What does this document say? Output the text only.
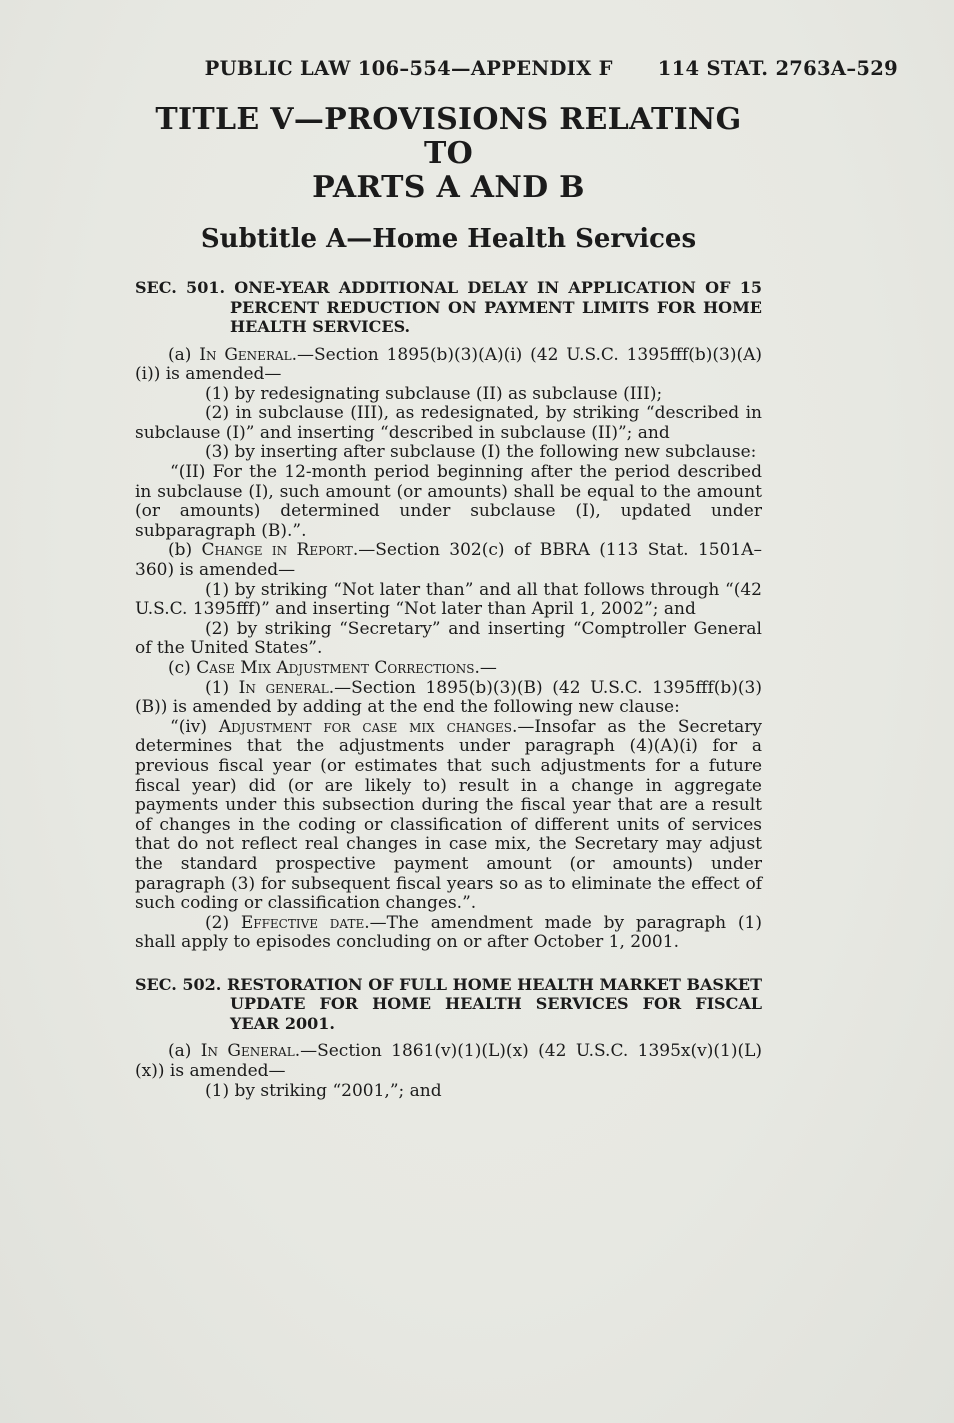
PUBLIC LAW 106–554—APPENDIX F 114 STAT. 2763A–529
TITLE V—PROVISIONS RELATING TO
PARTS A AND B
Subtitle A—Home Health Services
SEC. 501. ONE-YEAR ADDITIONAL DELAY IN APPLICATION OF 15 PERCENT REDUCTION ON PAYMENT LIMITS FOR HOME HEALTH SERVICES.

(a) In General.—Section 1895(b)(3)(A)(i) (42 U.S.C. 1395fff(b)(3)(A)(i)) is amended—

(1) by redesignating subclause (II) as subclause (III);

(2) in subclause (III), as redesignated, by striking “described in subclause (I)” and inserting “described in subclause (II)”; and

(3) by inserting after subclause (I) the following new subclause:

“(II) For the 12-month period beginning after the period described in subclause (I), such amount (or amounts) shall be equal to the amount (or amounts) determined under subclause (I), updated under subparagraph (B).”.

(b) Change in Report.—Section 302(c) of BBRA (113 Stat. 1501A–360) is amended—

(1) by striking “Not later than” and all that follows through “(42 U.S.C. 1395fff)” and inserting “Not later than April 1, 2002”; and

(2) by striking “Secretary” and inserting “Comptroller General of the United States”.

(c) Case Mix Adjustment Corrections.—

(1) In general.—Section 1895(b)(3)(B) (42 U.S.C. 1395fff(b)(3)(B)) is amended by adding at the end the following new clause:

“(iv) Adjustment for case mix changes.—Insofar as the Secretary determines that the adjustments under paragraph (4)(A)(i) for a previous fiscal year (or estimates that such adjustments for a future fiscal year) did (or are likely to) result in a change in aggregate payments under this subsection during the fiscal year that are a result of changes in the coding or classification of different units of services that do not reflect real changes in case mix, the Secretary may adjust the standard prospective payment amount (or amounts) under paragraph (3) for subsequent fiscal years so as to eliminate the effect of such coding or classification changes.”.

(2) Effective date.—The amendment made by paragraph (1) shall apply to episodes concluding on or after October 1, 2001.

SEC. 502. RESTORATION OF FULL HOME HEALTH MARKET BASKET UPDATE FOR HOME HEALTH SERVICES FOR FISCAL YEAR 2001.

(a) In General.—Section 1861(v)(1)(L)(x) (42 U.S.C. 1395x(v)(1)(L)(x)) is amended—

(1) by striking “2001,”; and
